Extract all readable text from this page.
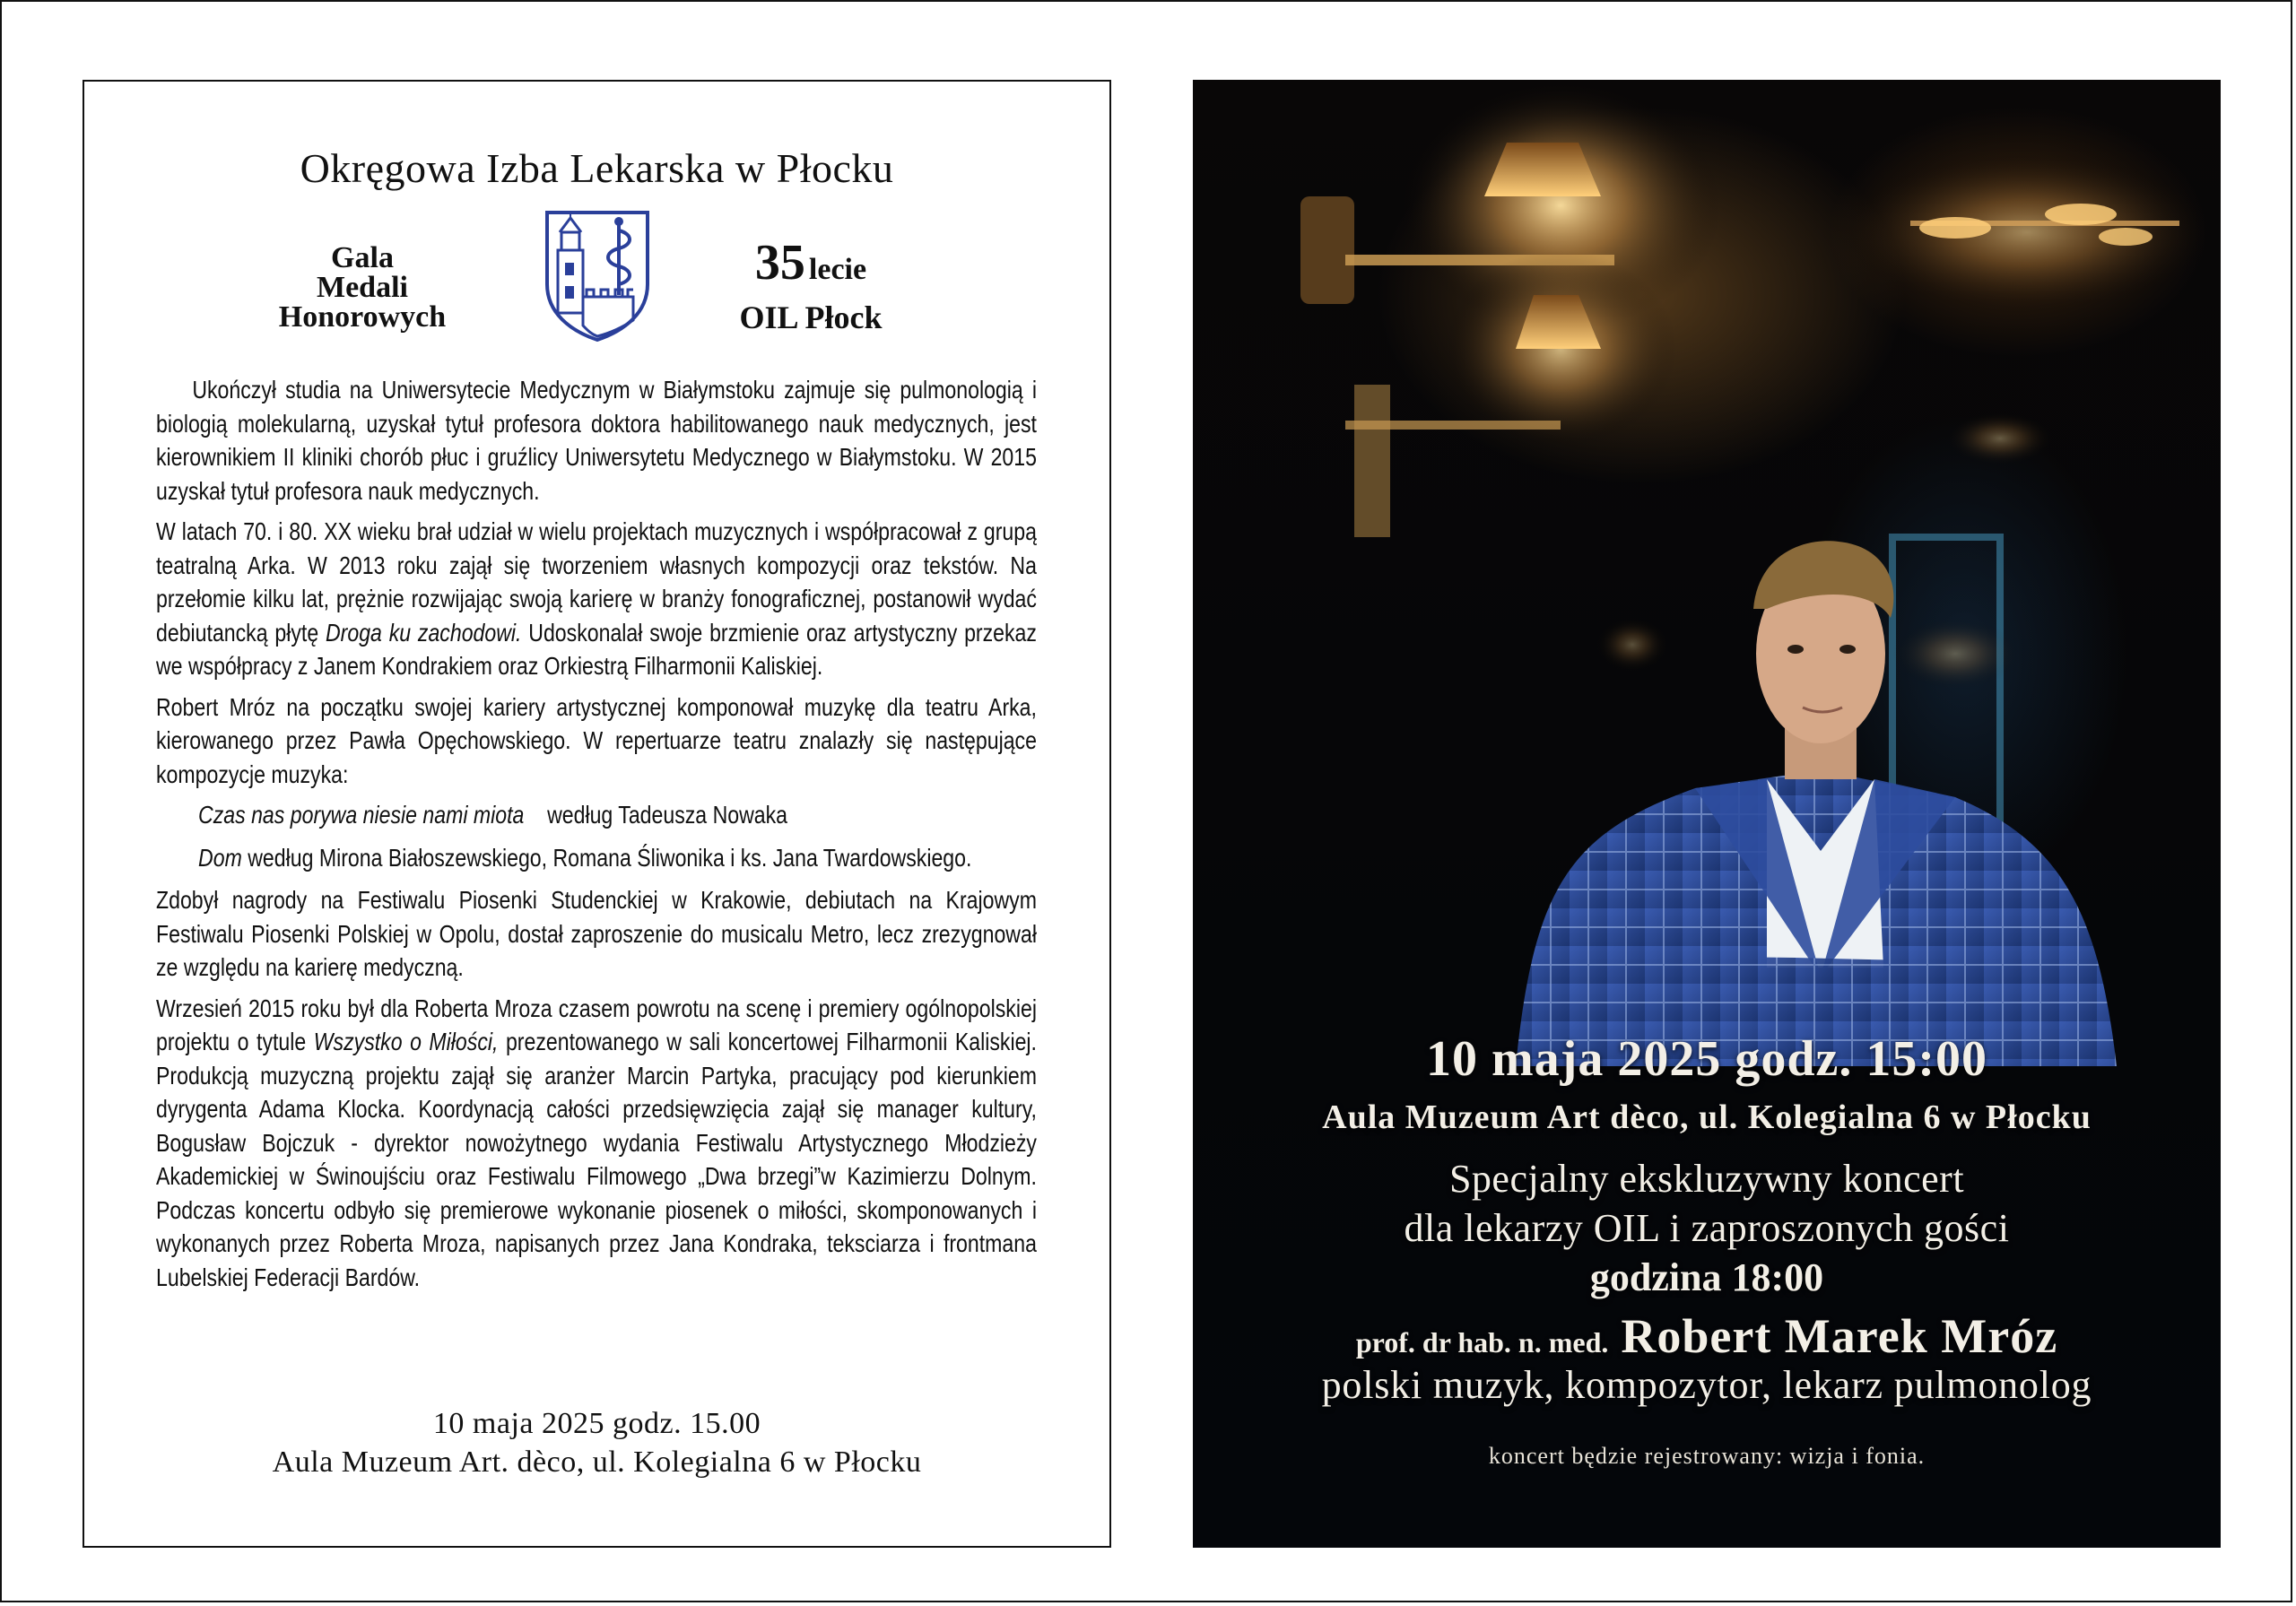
Okręgowa Izba Lekarska w Płocku
Gala
Medali
Honorowych
35 lecie
OIL Płock

Ukończył studia na Uniwersytecie Medycznym w Białymstoku zajmuje się pulmonologią i biologią molekularną, uzyskał tytuł profesora doktora habilitowanego nauk medycznych, jest kierownikiem II kliniki chorób płuc i gruźlicy Uniwersytetu Medycznego w Białymstoku. W 2015 uzyskał tytuł profesora nauk medycznych.

W latach 70. i 80. XX wieku brał udział w wielu projektach muzycznych i współpracował z grupą teatralną Arka. W 2013 roku zajął się tworzeniem własnych kompozycji oraz tekstów. Na przełomie kilku lat, prężnie rozwijając swoją karierę w branży fonograficznej, postanowił wydać debiutancką płytę Droga ku zachodowi. Udoskonalał swoje brzmienie oraz artystyczny przekaz we współpracy z Janem Kondrakiem oraz Orkiestrą Filharmonii Kaliskiej.

Robert Mróz na początku swojej kariery artystycznej komponował muzykę dla teatru Arka, kierowanego przez Pawła Opęchowskiego. W repertuarze teatru znalazły się następujące kompozycje muzyka:

Czas nas porywa niesie nami miota według Tadeusza Nowaka

Dom według Mirona Białoszewskiego, Romana Śliwonika i ks. Jana Twardowskiego.

Zdobył nagrody na Festiwalu Piosenki Studenckiej w Krakowie, debiutach na Krajowym Festiwalu Piosenki Polskiej w Opolu, dostał zaproszenie do musicalu Metro, lecz zrezygnował ze względu na karierę medyczną.

Wrzesień 2015 roku był dla Roberta Mroza czasem powrotu na scenę i premiery ogólnopolskiej projektu o tytule Wszystko o Miłości, prezentowanego w sali koncertowej Filharmonii Kaliskiej. Produkcją muzyczną projektu zajął się aranżer Marcin Partyka, pracujący pod kierunkiem dyrygenta Adama Klocka. Koordynacją całości przedsięwzięcia zajął się manager kultury, Bogusław Bojczuk - dyrektor nowożytnego wydania Festiwalu Artystycznego Młodzieży Akademickiej w Świnoujściu oraz Festiwalu Filmowego „Dwa brzegi”w Kazimierzu Dolnym. Podczas koncertu odbyło się premierowe wykonanie piosenek o miłości, skomponowanych i wykonanych przez Roberta Mroza, napisanych przez Jana Kondraka, teksciarza i frontmana Lubelskiej Federacji Bardów.

10 maja 2025 godz. 15.00
Aula Muzeum Art. dèco, ul. Kolegialna 6 w Płocku
10 maja 2025 godz. 15:00
Aula Muzeum Art dèco, ul. Kolegialna 6 w Płocku
Specjalny ekskluzywny koncert
dla lekarzy OIL i zaproszonych gości
godzina 18:00
prof. dr hab. n. med. Robert Marek Mróz
polski muzyk, kompozytor, lekarz pulmonolog
koncert będzie rejestrowany: wizja i fonia.
